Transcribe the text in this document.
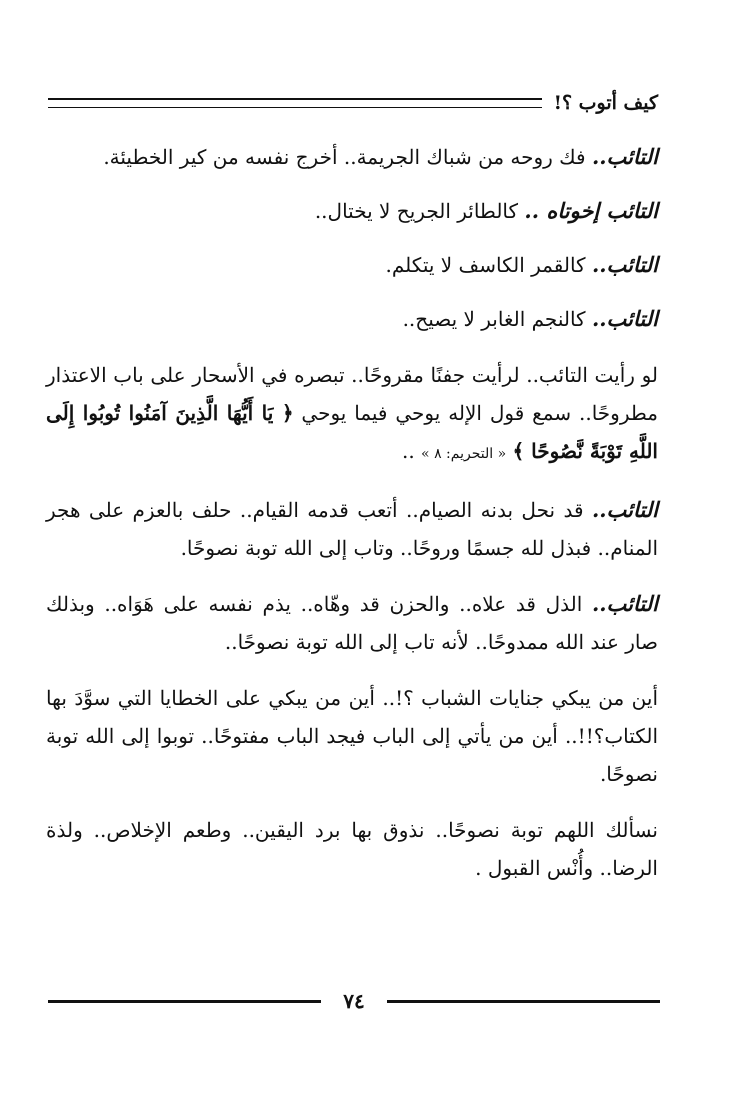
كيف أتوب ؟!

التائب.. فك روحه من شباك الجريمة.. أخرج نفسه من كير الخطيئة.

التائب إخوتاه .. كالطائر الجريح لا يختال..

التائب.. كالقمر الكاسف لا يتكلم.

التائب.. كالنجم الغابر لا يصيح..

لو رأيت التائب.. لرأيت جفنًا مقروحًا.. تبصره في الأسحار على باب الاعتذار مطروحًا.. سمع قول الإله يوحي فيما يوحي ﴿ يَا أَيُّهَا الَّذِينَ آمَنُوا تُوبُوا إِلَى اللَّهِ تَوْبَةً نَّصُوحًا ﴾ « التحريم: ٨ » ..

التائب.. قد نحل بدنه الصيام.. أتعب قدمه القيام.. حلف بالعزم على هجر المنام.. فبذل لله جسمًا وروحًا.. وتاب إلى الله توبة نصوحًا.

التائب.. الذل قد علاه.. والحزن قد وهّاه.. يذم نفسه على هَوَاه.. وبذلك صار عند الله ممدوحًا.. لأنه تاب إلى الله توبة نصوحًا..

أين من يبكي جنايات الشباب ؟!.. أين من يبكي على الخطايا التي سوَّدَ بها الكتاب؟!!.. أين من يأتي إلى الباب فيجد الباب مفتوحًا.. توبوا إلى الله توبة نصوحًا.

نسألك اللهم توبة نصوحًا.. نذوق بها برد اليقين.. وطعم الإخلاص.. ولذة الرضا.. وأُنْس القبول .

٧٤
